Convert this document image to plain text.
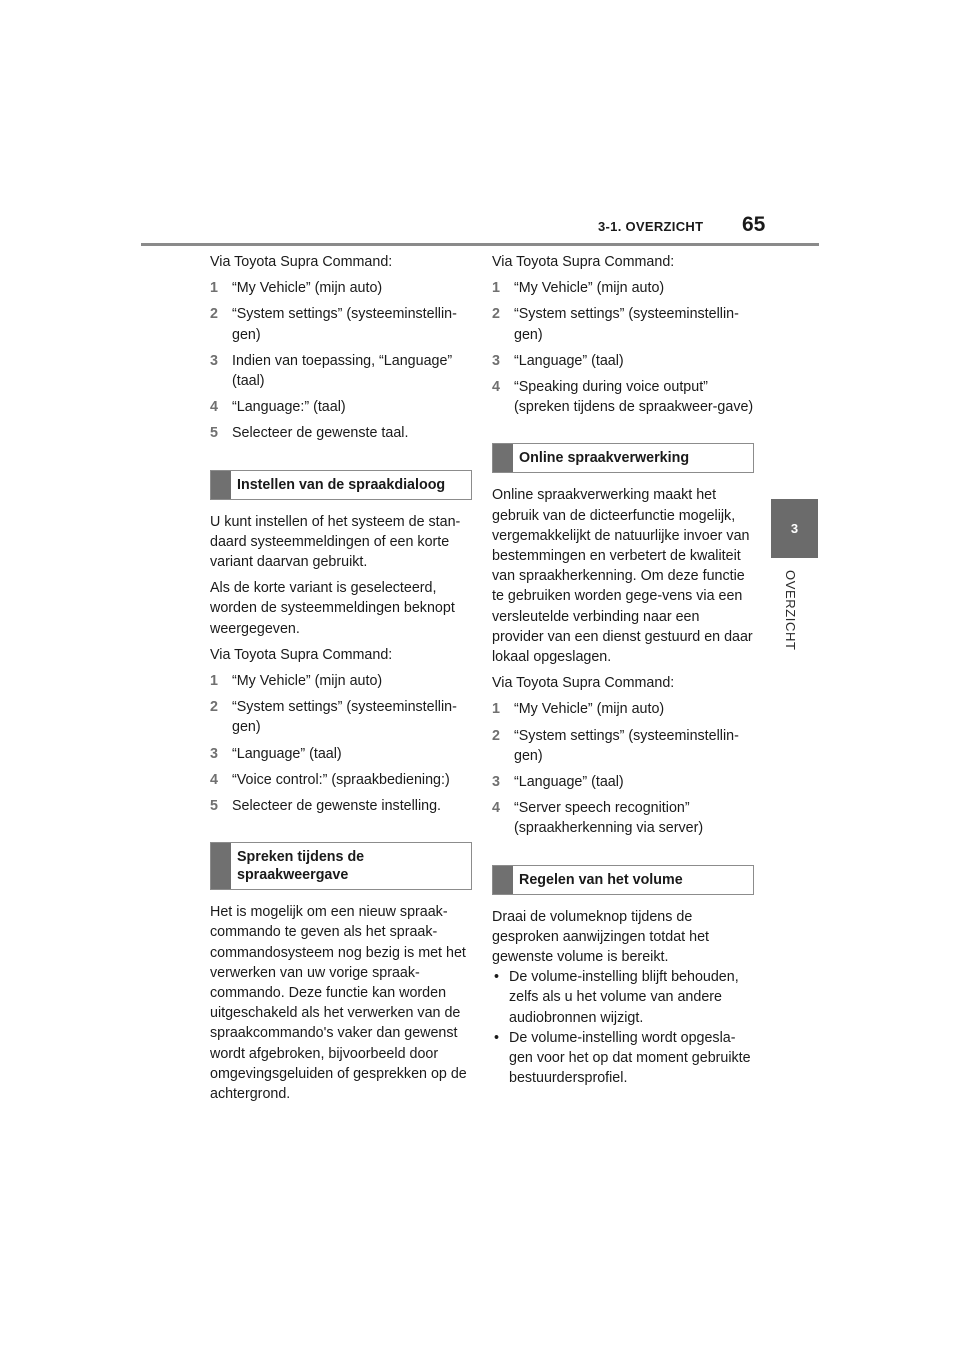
3-1. OVERZICHT 65
3
OVERZICHT
Via Toyota Supra Command:
1 “My Vehicle” (mijn auto)
2 “System settings” (systeeminstellin-gen)
3 Indien van toepassing, “Language” (taal)
4 “Language:” (taal)
5 Selecteer de gewenste taal.
Instellen van de spraakdialoog
U kunt instellen of het systeem de stan-daard systeemmeldingen of een korte variant daarvan gebruikt.
Als de korte variant is geselecteerd, worden de systeemmeldingen beknopt weergegeven.
Via Toyota Supra Command:
1 “My Vehicle” (mijn auto)
2 “System settings” (systeeminstellin-gen)
3 “Language” (taal)
4 “Voice control:” (spraakbediening:)
5 Selecteer de gewenste instelling.
Spreken tijdens de spraakweergave
Het is mogelijk om een nieuw spraak-commando te geven als het spraak-commandosysteem nog bezig is met het verwerken van uw vorige spraak-commando. Deze functie kan worden uitgeschakeld als het verwerken van de spraakcommando's vaker dan gewenst wordt afgebroken, bijvoorbeeld door omgevingsgeluiden of gesprekken op de achtergrond.
Via Toyota Supra Command:
1 “My Vehicle” (mijn auto)
2 “System settings” (systeeminstellin-gen)
3 “Language” (taal)
4 “Speaking during voice output” (spreken tijdens de spraakweer-gave)
Online spraakverwerking
Online spraakverwerking maakt het gebruik van de dicteerfunctie mogelijk, vergemakkelijkt de natuurlijke invoer van bestemmingen en verbetert de kwaliteit van spraakherkenning. Om deze functie te gebruiken worden gege-vens via een versleutelde verbinding naar een provider van een dienst gestuurd en daar lokaal opgeslagen.
Via Toyota Supra Command:
1 “My Vehicle” (mijn auto)
2 “System settings” (systeeminstellin-gen)
3 “Language” (taal)
4 “Server speech recognition” (spraakherkenning via server)
Regelen van het volume
Draai de volumeknop tijdens de gesproken aanwijzingen totdat het gewenste volume is bereikt.
• De volume-instelling blijft behouden, zelfs als u het volume van andere audiobronnen wijzigt.
• De volume-instelling wordt opgesla-gen voor het op dat moment gebruikte bestuurdersprofiel.
